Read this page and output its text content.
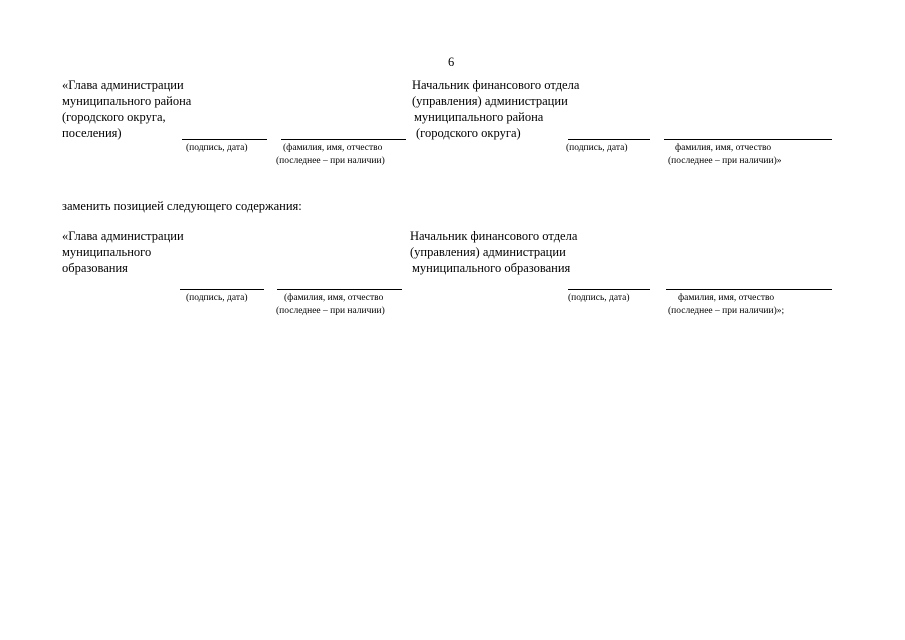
6
«Глава администрации
муниципального района
(городского округа,
поселения)
Начальник финансового отдела
(управления) администрации
муниципального района
(городского округа)
(подпись, дата)	(фамилия, имя, отчество
(последнее – при наличии)
(подпись, дата)	фамилия, имя, отчество
(последнее – при наличии)»
заменить позицией следующего содержания:
«Глава администрации
муниципального
образования
Начальник финансового отдела
(управления) администрации
муниципального образования
(подпись, дата)	(фамилия, имя, отчество
(последнее – при наличии)
(подпись, дата)	фамилия, имя, отчество
(последнее – при наличии)»;
